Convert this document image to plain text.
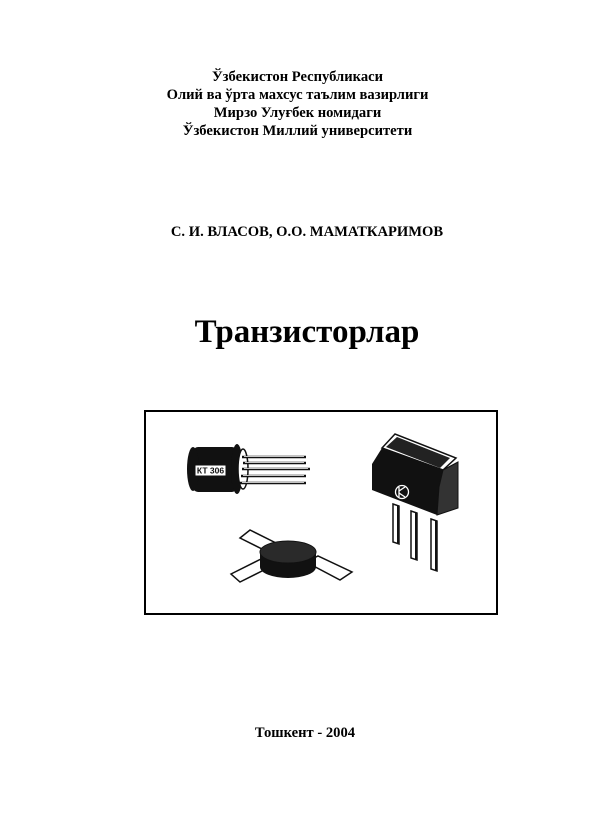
Ўзбекистон Республикаси
Олий ва ўрта махсус таълим вазирлиги
Мирзо Улуғбек номидаги
Ўзбекистон Миллий университети
С. И. ВЛАСОВ, О.О. МАМАТКАРИМОВ
Транзисторлар
КТ 306
Тошкент - 2004
